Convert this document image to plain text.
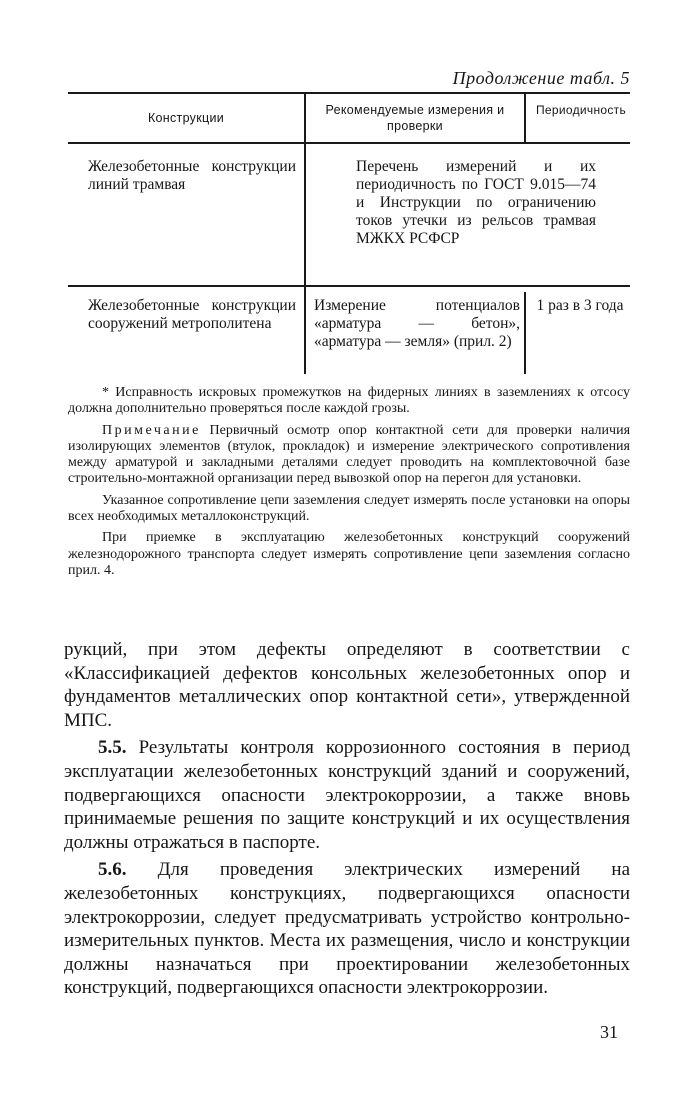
Продолжение табл. 5
Конструкции
Рекомендуемые измерения и проверки
Периодичность
Железобетонные конструкции линий трамвая
Перечень измерений и их периодичность по ГОСТ 9.015—74 и Инструкции по ограничению токов утечки из рельсов трамвая МЖКХ РСФСР
Железобетонные конструкции сооружений метрополитена
Измерение потенциалов «арматура — бетон», «арматура — земля» (прил. 2)
1 раз в 3 года

* Исправность искровых промежутков на фидерных линиях в заземлениях к отсосу должна дополнительно проверяться после каждой грозы.

Примечание Первичный осмотр опор контактной сети для проверки наличия изолирующих элементов (втулок, прокладок) и измерение электрического сопротивления между арматурой и закладными деталями следует проводить на комплектовочной базе строительно-монтажной организации перед вывозкой опор на перегон для установки.

Указанное сопротивление цепи заземления следует измерять после установки на опоры всех необходимых металлоконструкций.

При приемке в эксплуатацию железобетонных конструкций сооружений железнодорожного транспорта следует измерять сопротивление цепи заземления согласно прил. 4.

рукций, при этом дефекты определяют в соответствии с «Классификацией дефектов консольных железобетонных опор и фундаментов металлических опор контактной сети», утвержденной МПС.

5.5. Результаты контроля коррозионного состояния в период эксплуатации железобетонных конструкций зданий и сооружений, подвергающихся опасности электрокоррозии, а также вновь принимаемые решения по защите конструкций и их осуществления должны отражаться в паспорте.

5.6. Для проведения электрических измерений на железобетонных конструкциях, подвергающихся опасности электрокоррозии, следует предусматривать устройство контрольно-измерительных пунктов. Места их размещения, число и конструкции должны назначаться при проектировании железобетонных конструкций, подвергающихся опасности электрокоррозии.

31
